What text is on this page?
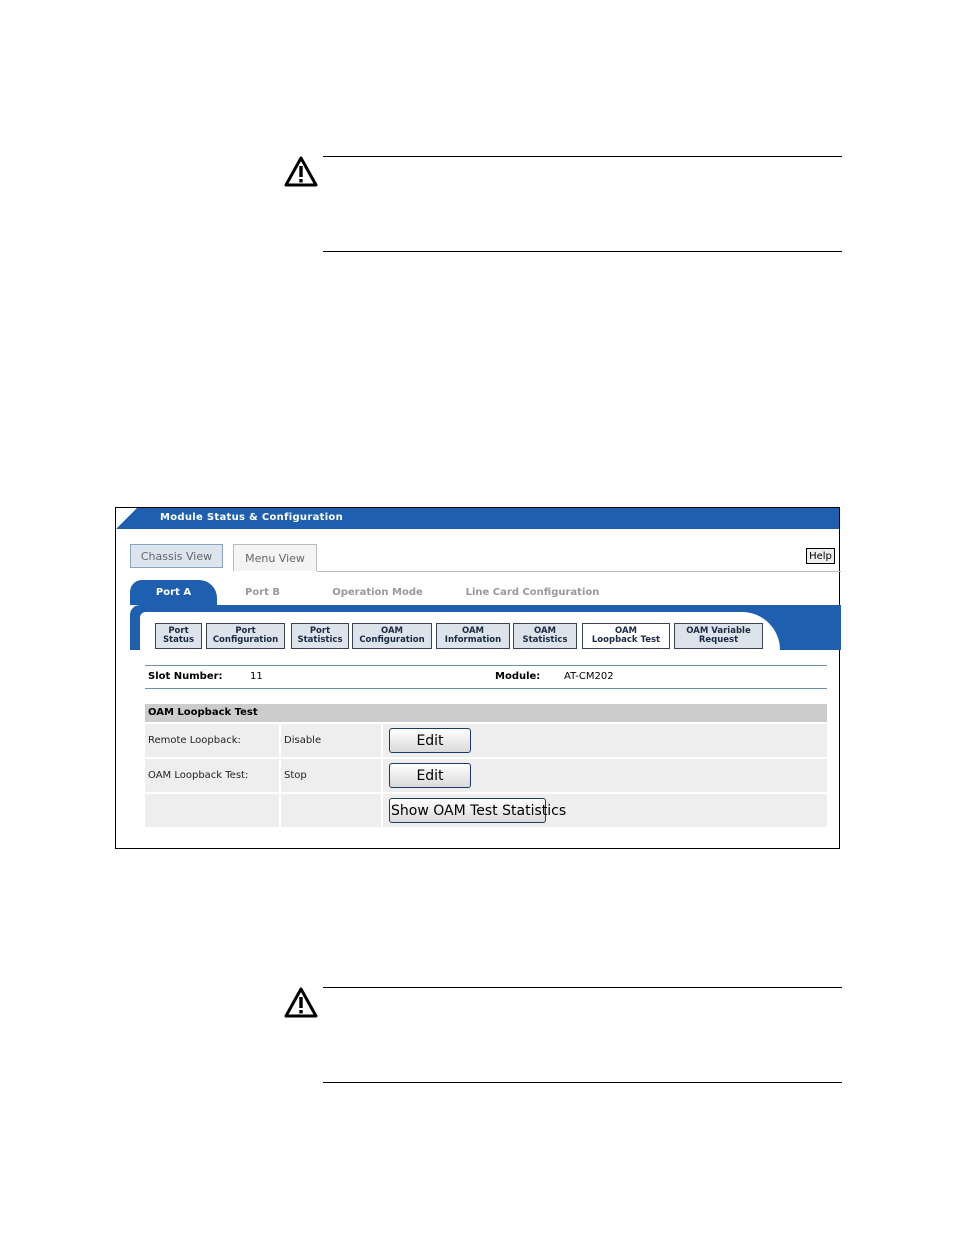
Module Status & Configuration
Chassis View	Menu View	Help
Port A	Port B	Operation Mode	Line Card Configuration
Port
Status
Port
Configuration
Port
Statistics
OAM
Configuration
OAM
Information
OAM
Statistics
OAM
Loopback Test
OAM Variable
Request
Slot Number:	11	Module: AT-CM202
OAM Loopback Test
Remote Loopback:	Disable	Edit
OAM Loopback Test:	Stop	Edit
Show OAM Test Statistics
